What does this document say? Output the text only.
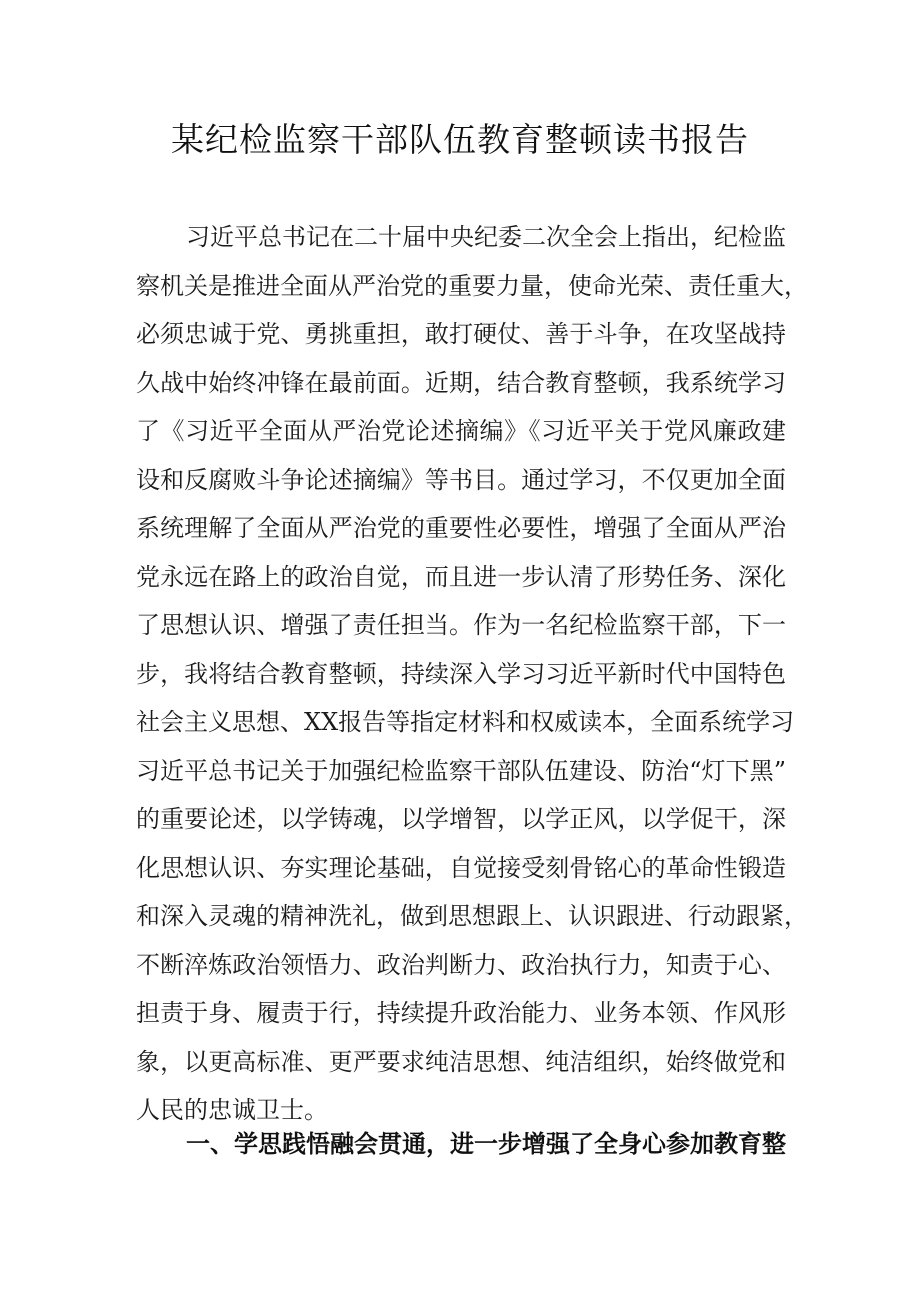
某纪检监察干部队伍教育整顿读书报告
习近平总书记在二十届中央纪委二次全会上指出，纪检监
察机关是推进全面从严治党的重要力量，使命光荣、责任重大，
必须忠诚于党、勇挑重担，敢打硬仗、善于斗争，在攻坚战持
久战中始终冲锋在最前面。近期，结合教育整顿，我系统学习
了《习近平全面从严治党论述摘编》《习近平关于党风廉政建
设和反腐败斗争论述摘编》等书目。通过学习，不仅更加全面
系统理解了全面从严治党的重要性必要性，增强了全面从严治
党永远在路上的政治自觉，而且进一步认清了形势任务、深化
了思想认识、增强了责任担当。作为一名纪检监察干部，下一
步，我将结合教育整顿，持续深入学习习近平新时代中国特色
社会主义思想、XX报告等指定材料和权威读本，全面系统学习
习近平总书记关于加强纪检监察干部队伍建设、防治“灯下黑”
的重要论述，以学铸魂，以学增智，以学正风，以学促干，深
化思想认识、夯实理论基础，自觉接受刻骨铭心的革命性锻造
和深入灵魂的精神洗礼，做到思想跟上、认识跟进、行动跟紧，
不断淬炼政治领悟力、政治判断力、政治执行力，知责于心、
担责于身、履责于行，持续提升政治能力、业务本领、作风形
象，以更高标准、更严要求纯洁思想、纯洁组织，始终做党和
人民的忠诚卫士。
一、学思践悟融会贯通，进一步增强了全身心参加教育整
